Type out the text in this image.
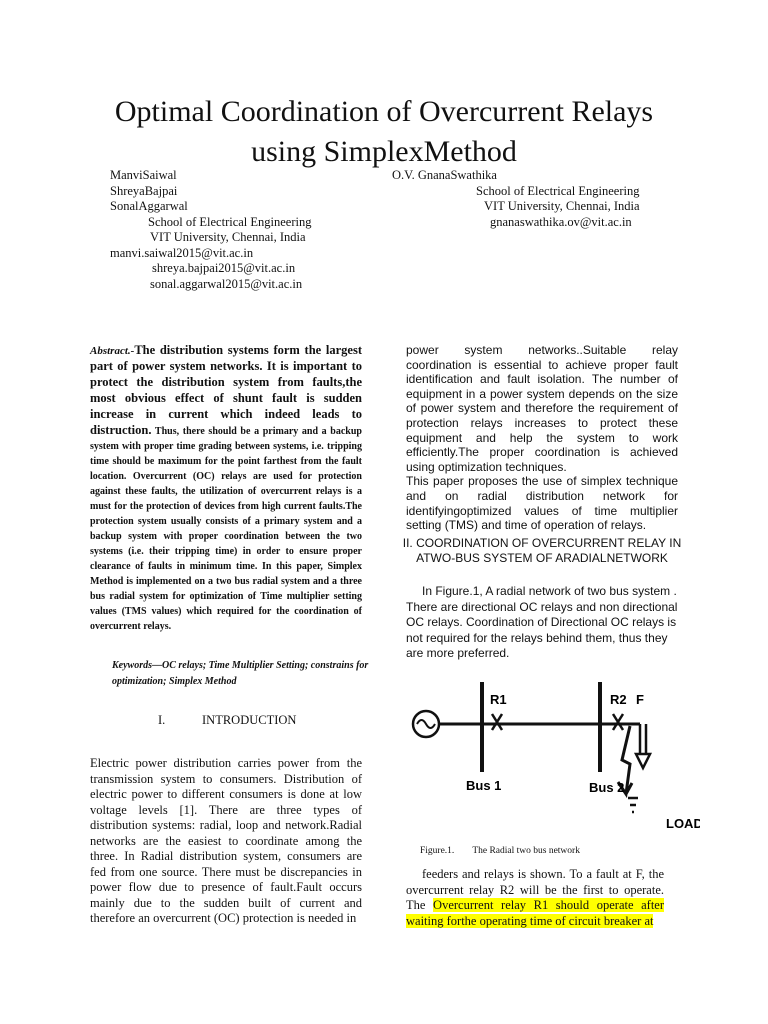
Optimal Coordination of Overcurrent Relays
using SimplexMethod
ManviSaiwal
ShreyaBajpai
SonalAggarwal
School of Electrical Engineering
VIT University, Chennai, India
manvi.saiwal2015@vit.ac.in
shreya.bajpai2015@vit.ac.in
sonal.aggarwal2015@vit.ac.in
O.V. GnanaSwathika
School of Electrical Engineering
VIT University, Chennai, India
gnanaswathika.ov@vit.ac.in
Abstract.-The distribution systems form the largest part of power system networks. It is important to protect the distribution system from faults,the most obvious effect of shunt fault is sudden increase in current which indeed leads to distruction. Thus, there should be a primary and a backup system with proper time grading between systems, i.e. tripping time should be maximum for the point farthest from the fault location. Overcurrent (OC) relays are used for protection against these faults, the utilization of overcurrent relays is a must for the protection of devices from high current faults.The protection system usually consists of a primary system and a backup system with proper coordination between the two systems (i.e. their tripping time) in order to ensure proper clearance of faults in minimum time. In this paper, Simplex Method is implemented on a two bus radial system and a three bus radial system for optimization of Time multiplier setting values (TMS values) which required for the coordination of overcurrent relays.
Keywords—OC relays; Time Multiplier Setting; constrains for optimization; Simplex Method
I.	INTRODUCTION
Electric power distribution carries power from the transmission system to consumers. Distribution of electric power to different consumers is done at low voltage levels [1]. There are three types of distribution systems: radial, loop and network.Radial networks are the easiest to coordinate among the three. In Radial distribution system, consumers are fed from one source. There must be discrepancies in power flow due to presence of fault.Fault occurs mainly due to the sudden built of current and therefore an overcurrent (OC) protection is needed in

power system networks..Suitable relay coordination is essential to achieve proper fault identification and fault isolation. The number of equipment in a power system depends on the size of power system and therefore the requirement of protection relays increases to protect these equipment and help the system to work efficiently.The proper coordination is achieved using optimization techniques.

This paper proposes the use of simplex technique and on radial distribution network for identifyingoptimized values of time multiplier setting (TMS) and time of operation of relays.

II. COORDINATION OF OVERCURRENT RELAY IN ATWO-BUS SYSTEM OF ARADIALNETWORK
In Figure.1, A radial network of two bus system . There are directional OC relays and non directional OC relays. Coordination of Directional OC relays is not required for the relays behind them, thus they are more preferred.
R1	R2 F
Bus 1	Bus 2
LOAD
Figure.1. The Radial two bus network
feeders and relays is shown. To a fault at F, the overcurrent relay R2 will be the first to operate. The Overcurrent relay R1 should operate after waiting forthe operating time of circuit breaker at
